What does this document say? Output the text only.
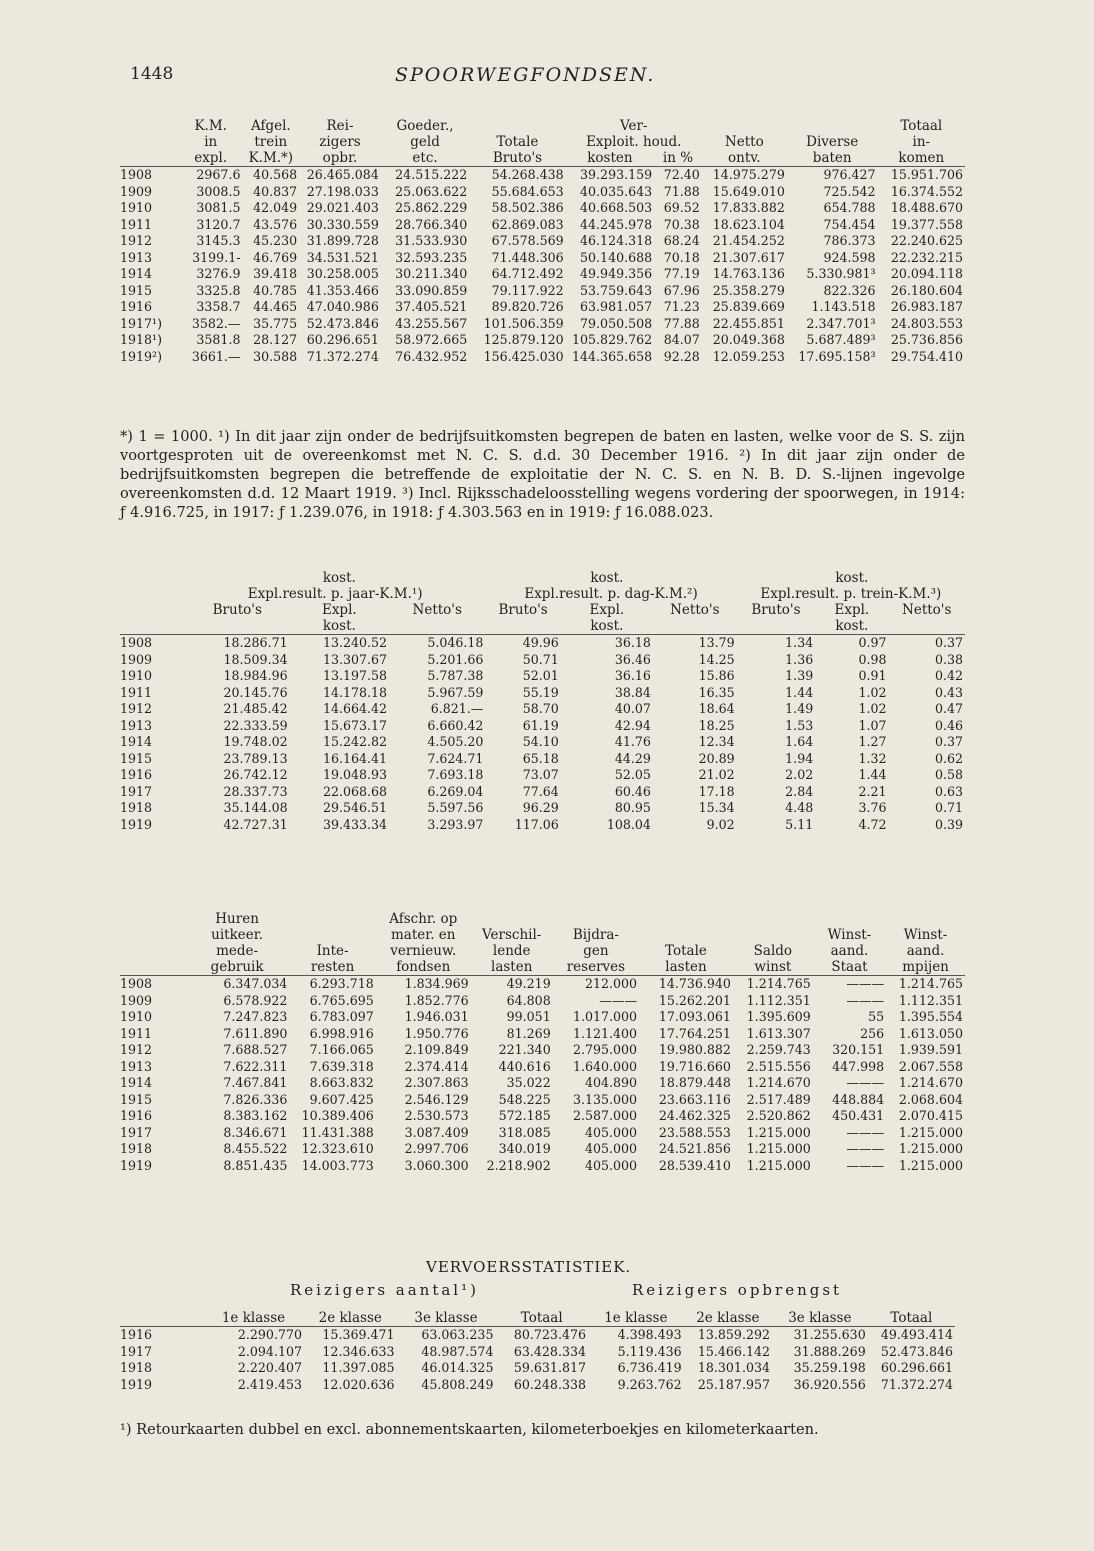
1448	SPOORWEGFONDSEN.
	K.M.	Afgel.	Rei-	Goeder.,		Ver-				Totaal
	in	trein	zigers	geld	Totale	Exploit. houd.		Netto	Diverse	in-
	expl.	K.M.*)	opbr.	etc.	Bruto's	kosten	in %	ontv.	baten	komen
1908	2967.6	40.568	26.465.084	24.515.222	54.268.438	39.293.159	72.40	14.975.279	976.427	15.951.706
1909	3008.5	40.837	27.198.033	25.063.622	55.684.653	40.035.643	71.88	15.649.010	725.542	16.374.552
1910	3081.5	42.049	29.021.403	25.862.229	58.502.386	40.668.503	69.52	17.833.882	654.788	18.488.670
1911	3120.7	43.576	30.330.559	28.766.340	62.869.083	44.245.978	70.38	18.623.104	754.454	19.377.558
1912	3145.3	45.230	31.899.728	31.533.930	67.578.569	46.124.318	68.24	21.454.252	786.373	22.240.625
1913	3199.1-	46.769	34.531.521	32.593.235	71.448.306	50.140.688	70.18	21.307.617	924.598	22.232.215
1914	3276.9	39.418	30.258.005	30.211.340	64.712.492	49.949.356	77.19	14.763.136	5.330.981³	20.094.118
1915	3325.8	40.785	41.353.466	33.090.859	79.117.922	53.759.643	67.96	25.358.279	822.326	26.180.604
1916	3358.7	44.465	47.040.986	37.405.521	89.820.726	63.981.057	71.23	25.839.669	1.143.518	26.983.187
1917¹)	3582.—	35.775	52.473.846	43.255.567	101.506.359	79.050.508	77.88	22.455.851	2.347.701³	24.803.553
1918¹)	3581.8	28.127	60.296.651	58.972.665	125.879.120	105.829.762	84.07	20.049.368	5.687.489³	25.736.856
1919²)	3661.—	30.588	71.372.274	76.432.952	156.425.030	144.365.658	92.28	12.059.253	17.695.158³	29.754.410
*) 1 = 1000. ¹) In dit jaar zijn onder de bedrijfsuitkomsten begrepen de baten en lasten, welke voor de S. S. zijn voortgesproten uit de overeenkomst met N. C. S. d.d. 30 December 1916. ²) In dit jaar zijn onder de bedrijfsuitkomsten begrepen die betreffende de exploitatie der N. C. S. en N. B. D. S.-lijnen ingevolge overeenkomsten d.d. 12 Maart 1919. ³) Incl. Rijksschadeloosstelling wegens vordering der spoorwegen, in 1914: ƒ 4.916.725, in 1917: ƒ 1.239.076, in 1918: ƒ 4.303.563 en in 1919: ƒ 16.088.023.
		kost.			kost.			kost.	
	Expl.result. p. jaar-K.M.¹)			Expl.result. p. dag-K.M.²)			Expl.result. p. trein-K.M.³)	
	Bruto's	Expl.	Netto's	Bruto's	Expl.	Netto's	Bruto's	Expl.	Netto's
		kost.			kost.			kost.	
1908	18.286.71	13.240.52	5.046.18	49.96	36.18	13.79	1.34	0.97	0.37
1909	18.509.34	13.307.67	5.201.66	50.71	36.46	14.25	1.36	0.98	0.38
1910	18.984.96	13.197.58	5.787.38	52.01	36.16	15.86	1.39	0.91	0.42
1911	20.145.76	14.178.18	5.967.59	55.19	38.84	16.35	1.44	1.02	0.43
1912	21.485.42	14.664.42	6.821.—	58.70	40.07	18.64	1.49	1.02	0.47
1913	22.333.59	15.673.17	6.660.42	61.19	42.94	18.25	1.53	1.07	0.46
1914	19.748.02	15.242.82	4.505.20	54.10	41.76	12.34	1.64	1.27	0.37
1915	23.789.13	16.164.41	7.624.71	65.18	44.29	20.89	1.94	1.32	0.62
1916	26.742.12	19.048.93	7.693.18	73.07	52.05	21.02	2.02	1.44	0.58
1917	28.337.73	22.068.68	6.269.04	77.64	60.46	17.18	2.84	2.21	0.63
1918	35.144.08	29.546.51	5.597.56	96.29	80.95	15.34	4.48	3.76	0.71
1919	42.727.31	39.433.34	3.293.97	117.06	108.04	9.02	5.11	4.72	0.39
	Huren		Afschr. op						
	uitkeer.		mater. en	Verschil-	Bijdra-			Winst-	Winst-
	mede-	Inte-	vernieuw.	lende	gen	Totale	Saldo	aand.	aand.
	gebruik	resten	fondsen	lasten	reserves	lasten	winst	Staat	mpijen
1908	6.347.034	6.293.718	1.834.969	49.219	212.000	14.736.940	1.214.765	———	1.214.765
1909	6.578.922	6.765.695	1.852.776	64.808	———	15.262.201	1.112.351	———	1.112.351
1910	7.247.823	6.783.097	1.946.031	99.051	1.017.000	17.093.061	1.395.609	55	1.395.554
1911	7.611.890	6.998.916	1.950.776	81.269	1.121.400	17.764.251	1.613.307	256	1.613.050
1912	7.688.527	7.166.065	2.109.849	221.340	2.795.000	19.980.882	2.259.743	320.151	1.939.591
1913	7.622.311	7.639.318	2.374.414	440.616	1.640.000	19.716.660	2.515.556	447.998	2.067.558
1914	7.467.841	8.663.832	2.307.863	35.022	404.890	18.879.448	1.214.670	———	1.214.670
1915	7.826.336	9.607.425	2.546.129	548.225	3.135.000	23.663.116	2.517.489	448.884	2.068.604
1916	8.383.162	10.389.406	2.530.573	572.185	2.587.000	24.462.325	2.520.862	450.431	2.070.415
1917	8.346.671	11.431.388	3.087.409	318.085	405.000	23.588.553	1.215.000	———	1.215.000
1918	8.455.522	12.323.610	2.997.706	340.019	405.000	24.521.856	1.215.000	———	1.215.000
1919	8.851.435	14.003.773	3.060.300	2.218.902	405.000	28.539.410	1.215.000	———	1.215.000
VERVOERSSTATISTIEK.
Reizigers aantal¹)	Reizigers opbrengst
	1e klasse	2e klasse	3e klasse	Totaal	1e klasse	2e klasse	3e klasse	Totaal
1916	2.290.770	15.369.471	63.063.235	80.723.476	4.398.493	13.859.292	31.255.630	49.493.414
1917	2.094.107	12.346.633	48.987.574	63.428.334	5.119.436	15.466.142	31.888.269	52.473.846
1918	2.220.407	11.397.085	46.014.325	59.631.817	6.736.419	18.301.034	35.259.198	60.296.661
1919	2.419.453	12.020.636	45.808.249	60.248.338	9.263.762	25.187.957	36.920.556	71.372.274
¹) Retourkaarten dubbel en excl. abonnementskaarten, kilometerboekjes en kilometerkaarten.
